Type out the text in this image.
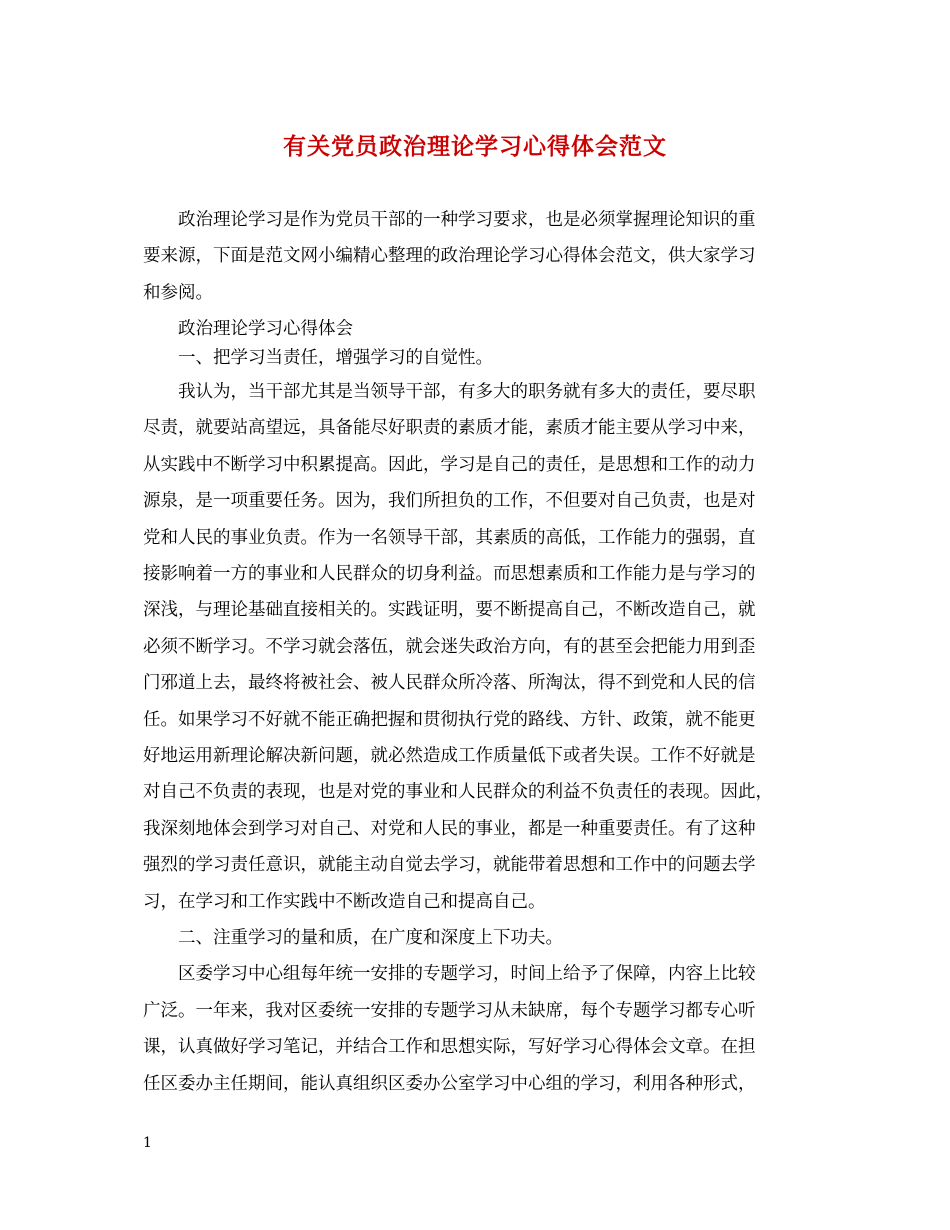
有关党员政治理论学习心得体会范文

　　政治理论学习是作为党员干部的一种学习要求，也是必须掌握理论知识的重

要来源，下面是范文网小编精心整理的政治理论学习心得体会范文，供大家学习

和参阅。

　　政治理论学习心得体会

　　一、把学习当责任，增强学习的自觉性。

　　我认为，当干部尤其是当领导干部，有多大的职务就有多大的责任，要尽职

尽责，就要站高望远，具备能尽好职责的素质才能，素质才能主要从学习中来，

从实践中不断学习中积累提高。因此，学习是自己的责任，是思想和工作的动力

源泉，是一项重要任务。因为，我们所担负的工作，不但要对自己负责，也是对

党和人民的事业负责。作为一名领导干部，其素质的高低，工作能力的强弱，直

接影响着一方的事业和人民群众的切身利益。而思想素质和工作能力是与学习的

深浅，与理论基础直接相关的。实践证明，要不断提高自己，不断改造自己，就

必须不断学习。不学习就会落伍，就会迷失政治方向，有的甚至会把能力用到歪

门邪道上去，最终将被社会、被人民群众所冷落、所淘汰，得不到党和人民的信

任。如果学习不好就不能正确把握和贯彻执行党的路线、方针、政策，就不能更

好地运用新理论解决新问题，就必然造成工作质量低下或者失误。工作不好就是

对自己不负责的表现，也是对党的事业和人民群众的利益不负责任的表现。因此，

我深刻地体会到学习对自己、对党和人民的事业，都是一种重要责任。有了这种

强烈的学习责任意识，就能主动自觉去学习，就能带着思想和工作中的问题去学

习，在学习和工作实践中不断改造自己和提高自己。

　　二、注重学习的量和质，在广度和深度上下功夫。

　　区委学习中心组每年统一安排的专题学习，时间上给予了保障，内容上比较

广泛。一年来，我对区委统一安排的专题学习从未缺席，每个专题学习都专心听

课，认真做好学习笔记，并结合工作和思想实际，写好学习心得体会文章。在担

任区委办主任期间，能认真组织区委办公室学习中心组的学习，利用各种形式，

1
